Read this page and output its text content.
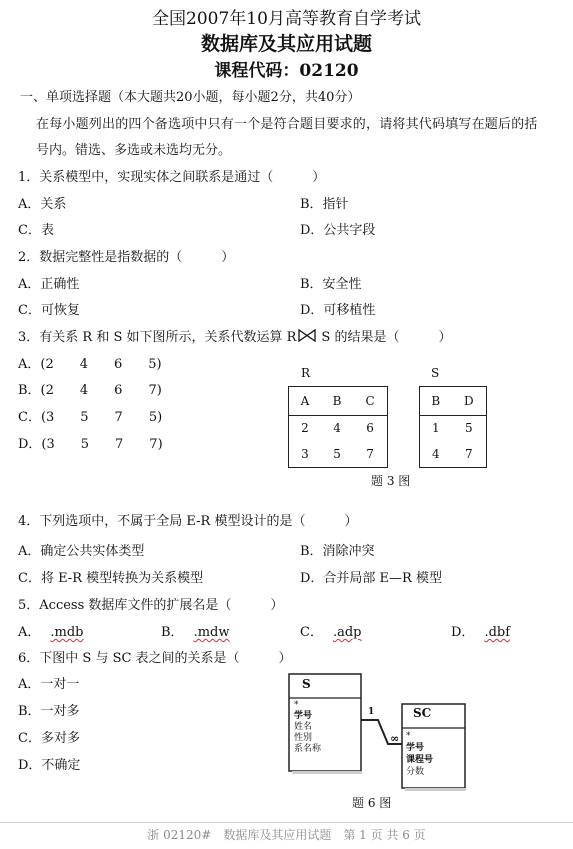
全国2007年10月高等教育自学考试
数据库及其应用试题
课程代码：02120
一、单项选择题（本大题共20小题，每小题2分，共40分）
在每小题列出的四个备选项中只有一个是符合题目要求的，请将其代码填写在题后的括
号内。错选、多选或未选均无分。
1．关系模型中，实现实体之间联系是通过（　　　）
A．关系	B．指针
C．表	D．公共字段
2．数据完整性是指数据的（　　　）
A．正确性	B．安全性
C．可恢复	D．可移植性
3．有关系 R 和 S 如下图所示，关系代数运算 R S 的结果是（　　　）
A．(2　　4　　6　　5)
B．(2　　4　　6　　7)
C．(3　　5　　7　　5)
D．(3　　5　　7　　7)
R
A	B	C
2	4	6
3	5	7
S
B	D
1	5
4	7
题 3 图
4．下列选项中，不属于全局 E-R 模型设计的是（　　　）
A．确定公共实体类型	B．消除冲突
C．将 E-R 模型转换为关系模型	D．合并局部 E—R 模型
5．Access 数据库文件的扩展名是（　　　）
A． .mdb	B． .mdw	C． .adp	D． .dbf
6．下图中 S 与 SC 表之间的关系是（　　　）
A．一对一
B．一对多
C．多对多
D．不确定
S
*
学号
姓名
性别
系名称
SC
*
学号
课程号
分数
1
∞
题 6 图
浙 02120#　数据库及其应用试题　第 1 页 共 6 页
